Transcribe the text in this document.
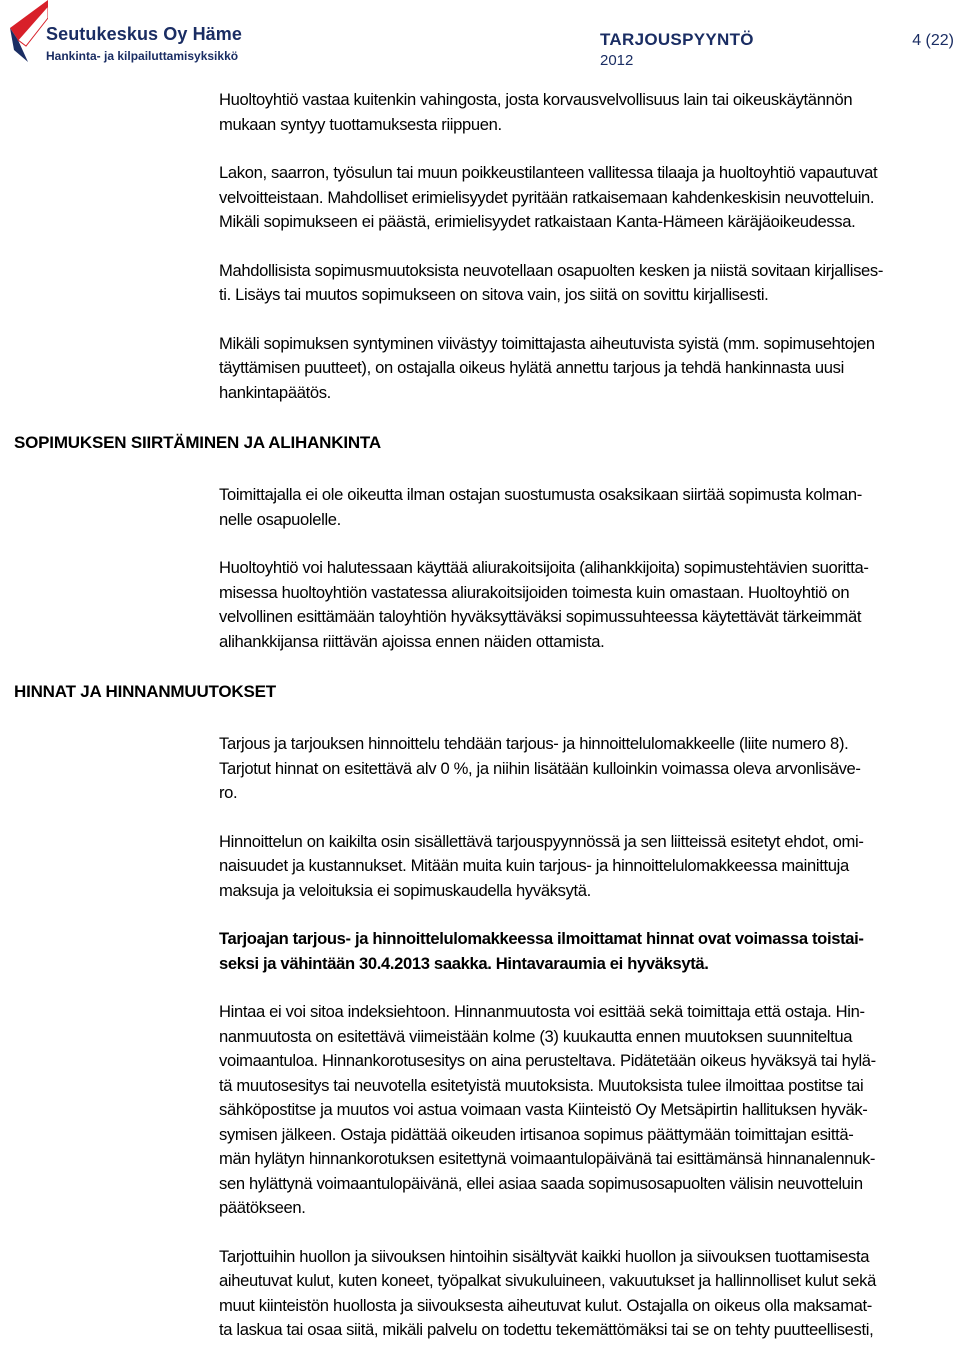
Seutukeskus Oy Häme
Hankinta- ja kilpailuttamisyksikkö
TARJOUSPYYNTÖ
2012
4 (22)
Huoltoyhtiö vastaa kuitenkin vahingosta, josta korvausvelvollisuus lain tai oikeuskäytännön
mukaan syntyy tuottamuksesta riippuen.
Lakon, saarron, työsulun tai muun poikkeustilanteen vallitessa tilaaja ja huoltoyhtiö vapautuvat
velvoitteistaan. Mahdolliset erimielisyydet pyritään ratkaisemaan kahdenkeskisin neuvotteluin.
Mikäli sopimukseen ei päästä, erimielisyydet ratkaistaan Kanta-Hämeen käräjäoikeudessa.
Mahdollisista sopimusmuutoksista neuvotellaan osapuolten kesken ja niistä sovitaan kirjallises-
ti. Lisäys tai muutos sopimukseen on sitova vain, jos siitä on sovittu kirjallisesti.
Mikäli sopimuksen syntyminen viivästyy toimittajasta aiheutuvista syistä (mm. sopimusehtojen
täyttämisen puutteet), on ostajalla oikeus hylätä annettu tarjous ja tehdä hankinnasta uusi
hankintapäätös.
SOPIMUKSEN SIIRTÄMINEN JA ALIHANKINTA
Toimittajalla ei ole oikeutta ilman ostajan suostumusta osaksikaan siirtää sopimusta kolman-
nelle osapuolelle.
Huoltoyhtiö voi halutessaan käyttää aliurakoitsijoita (alihankkijoita) sopimustehtävien suoritta-
misessa huoltoyhtiön vastatessa aliurakoitsijoiden toimesta kuin omastaan. Huoltoyhtiö on
velvollinen esittämään taloyhtiön hyväksyttäväksi sopimussuhteessa käytettävät tärkeimmät
alihankkijansa riittävän ajoissa ennen näiden ottamista.
HINNAT JA HINNANMUUTOKSET
Tarjous ja tarjouksen hinnoittelu tehdään tarjous- ja hinnoittelulomakkeelle (liite numero 8).
Tarjotut hinnat on esitettävä alv 0 %, ja niihin lisätään kulloinkin voimassa oleva arvonlisäve-
ro.
Hinnoittelun on kaikilta osin sisällettävä tarjouspyynnössä ja sen liitteissä esitetyt ehdot, omi-
naisuudet ja kustannukset. Mitään muita kuin tarjous- ja hinnoittelulomakkeessa mainittuja
maksuja ja veloituksia ei sopimuskaudella hyväksytä.
Tarjoajan tarjous- ja hinnoittelulomakkeessa ilmoittamat hinnat ovat voimassa toistai-
seksi ja vähintään 30.4.2013 saakka. Hintavaraumia ei hyväksytä.
Hintaa ei voi sitoa indeksiehtoon. Hinnanmuutosta voi esittää sekä toimittaja että ostaja. Hin-
nanmuutosta on esitettävä viimeistään kolme (3) kuukautta ennen muutoksen suunniteltua
voimaantuloa. Hinnankorotusesitys on aina perusteltava. Pidätetään oikeus hyväksyä tai hylä-
tä muutosesitys tai neuvotella esitetyistä muutoksista. Muutoksista tulee ilmoittaa postitse tai
sähköpostitse ja muutos voi astua voimaan vasta Kiinteistö Oy Metsäpirtin hallituksen hyväk-
symisen jälkeen. Ostaja pidättää oikeuden irtisanoa sopimus päättymään toimittajan esittä-
män hylätyn hinnankorotuksen esitettynä voimaantulopäivänä tai esittämänsä hinnanalennuk-
sen hylättynä voimaantulopäivänä, ellei asiaa saada sopimusosapuolten välisin neuvotteluin
päätökseen.
Tarjottuihin huollon ja siivouksen hintoihin sisältyvät kaikki huollon ja siivouksen tuottamisesta
aiheutuvat kulut, kuten koneet, työpalkat sivukuluineen, vakuutukset ja hallinnolliset kulut sekä
muut kiinteistön huollosta ja siivouksesta aiheutuvat kulut. Ostajalla on oikeus olla maksamat-
ta laskua tai osaa siitä, mikäli palvelu on todettu tekemättömäksi tai se on tehty puutteellisesti,
